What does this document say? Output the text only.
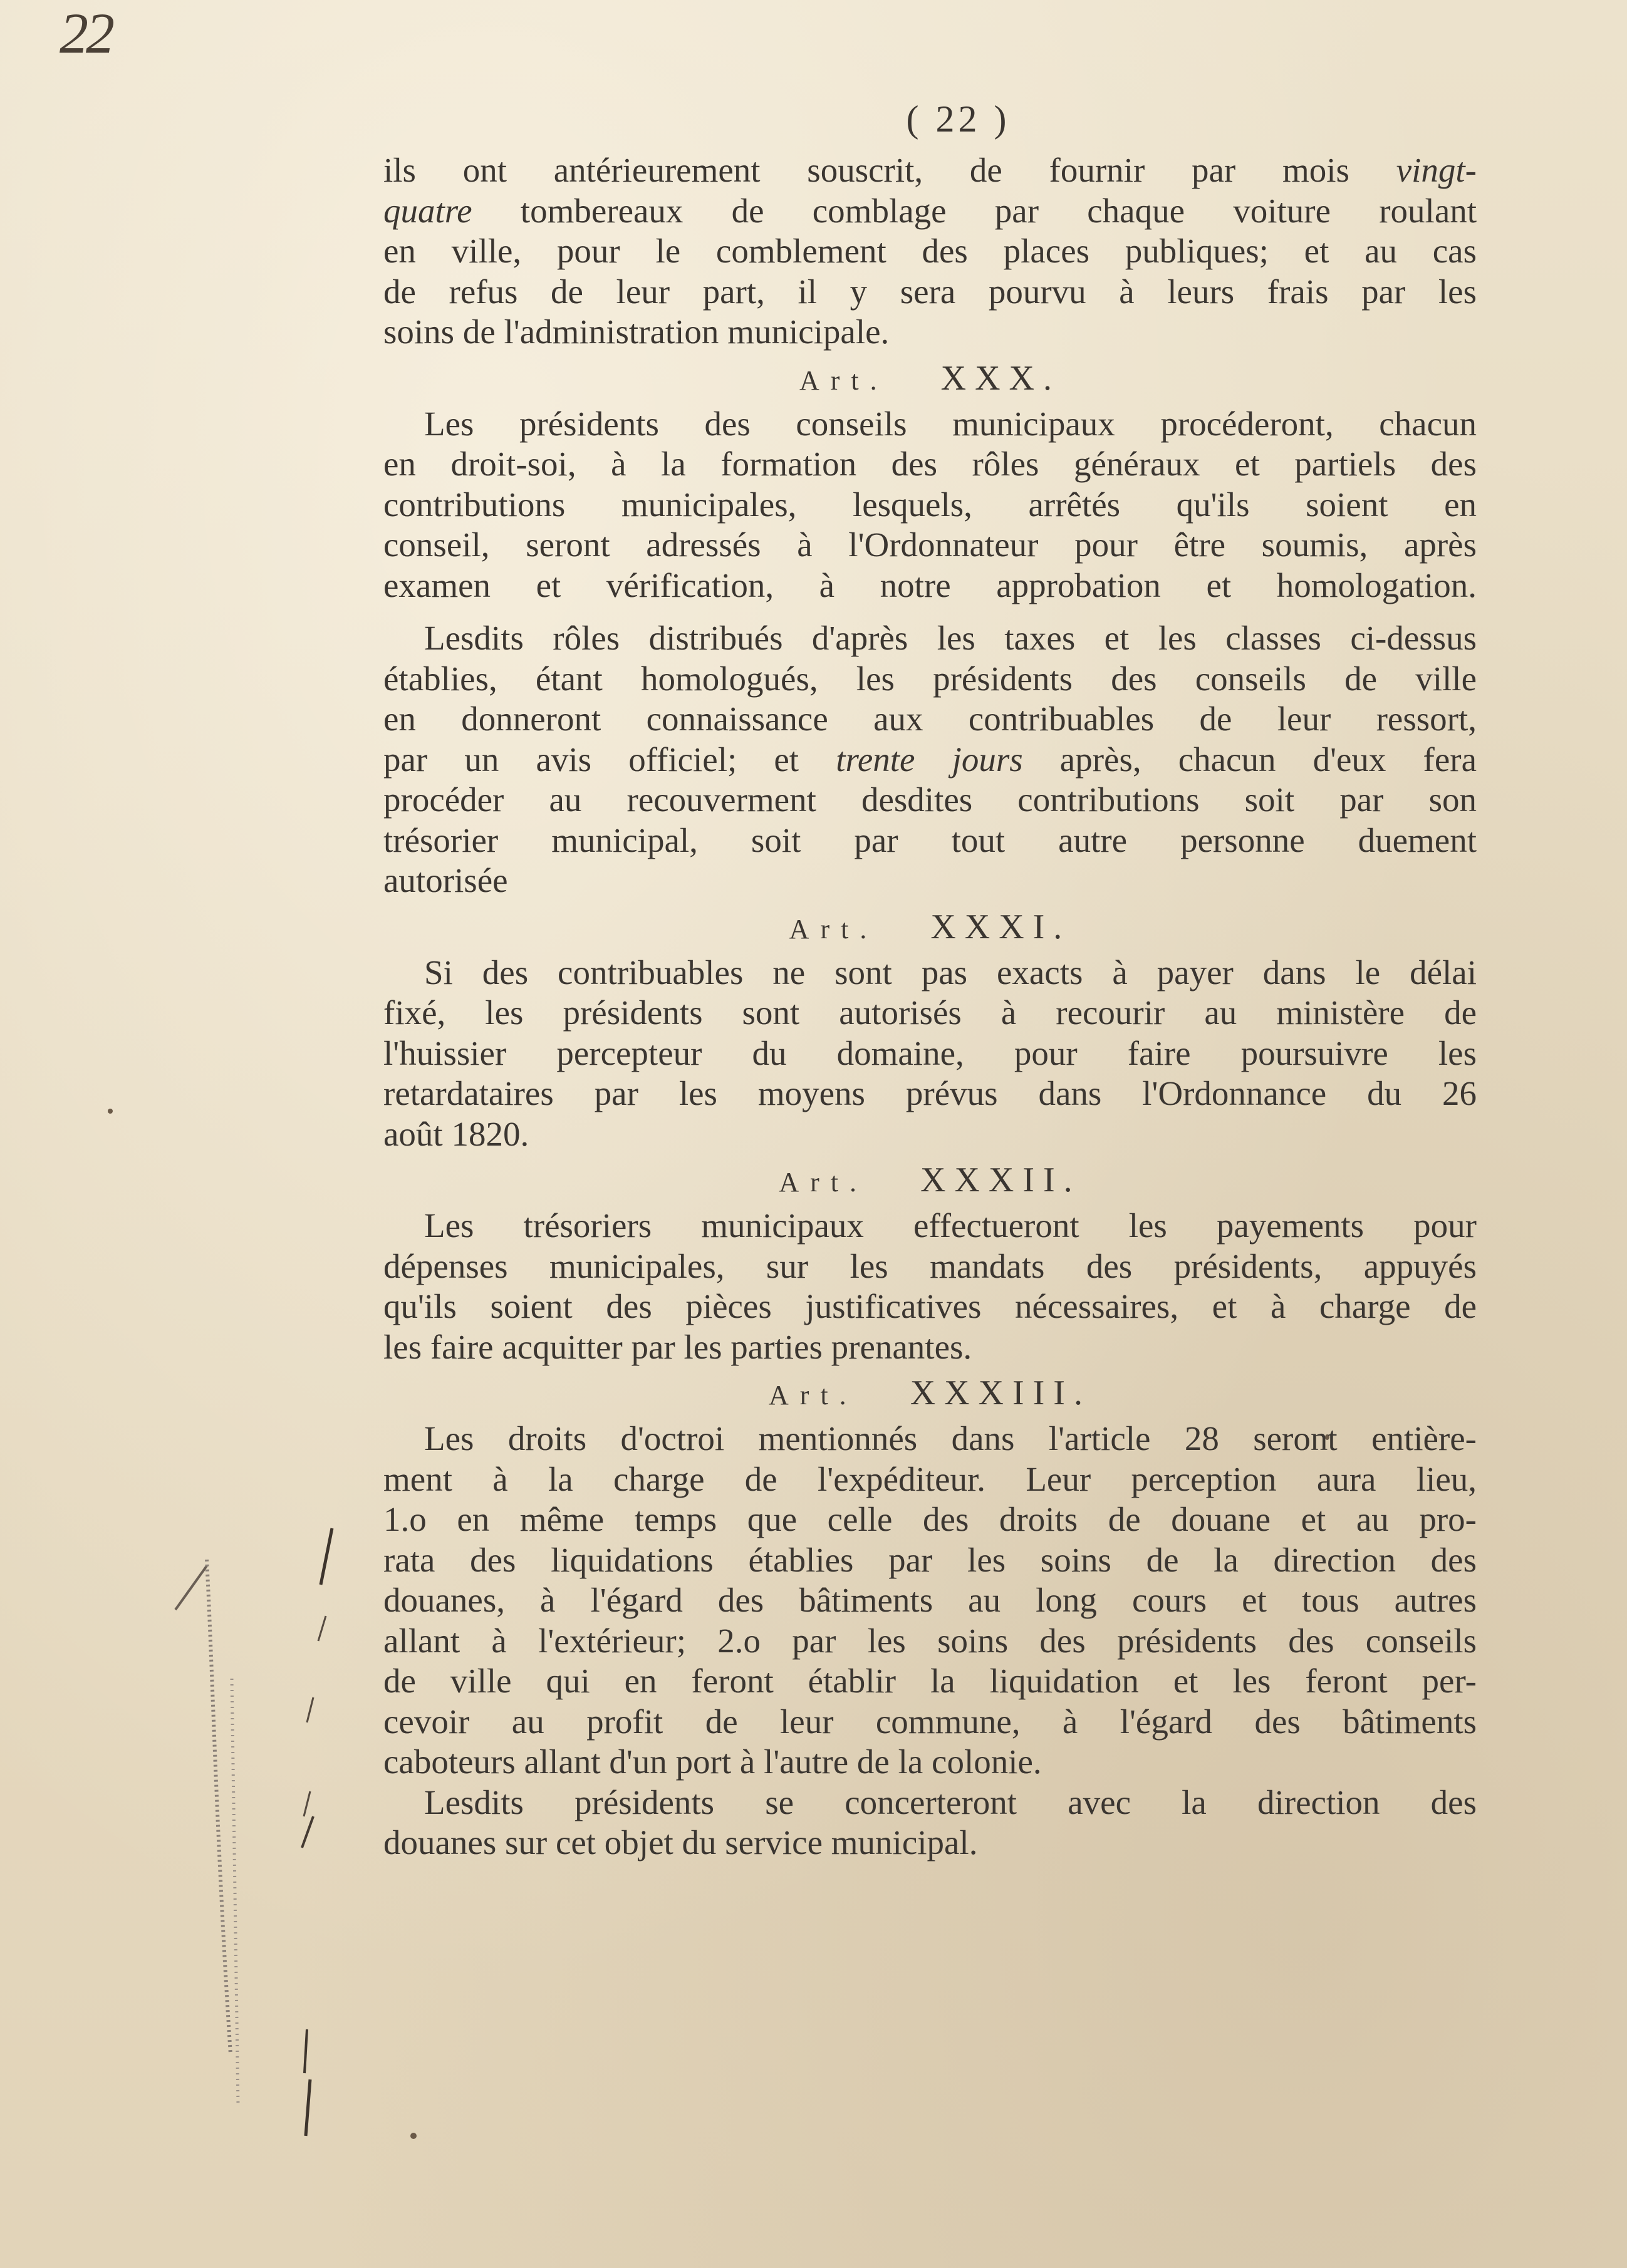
22
( 22 )
ils ont antérieurement souscrit, de fournir par mois vingt-
quatre tombereaux de comblage par chaque voiture roulant
en ville, pour le comblement des places publiques; et au cas
de refus de leur part, il y sera pourvu à leurs frais par les
soins de l'administration municipale.
Art. XXX.
Les présidents des conseils municipaux procéderont, chacun
en droit-soi, à la formation des rôles généraux et partiels des
contributions municipales, lesquels, arrêtés qu'ils soient en
conseil, seront adressés à l'Ordonnateur pour être soumis, après
examen et vérification, à notre approbation et homologation.
Lesdits rôles distribués d'après les taxes et les classes ci-dessus
établies, étant homologués, les présidents des conseils de ville
en donneront connaissance aux contribuables de leur ressort,
par un avis officiel; et trente jours après, chacun d'eux fera
procéder au recouverment desdites contributions soit par son
trésorier municipal, soit par tout autre personne duement
autorisée
Art. XXXI.
Si des contribuables ne sont pas exacts à payer dans le délai
fixé, les présidents sont autorisés à recourir au ministère de
l'huissier percepteur du domaine, pour faire poursuivre les
retardataires par les moyens prévus dans l'Ordonnance du 26
août 1820.
Art. XXXII.
Les trésoriers municipaux effectueront les payements pour
dépenses municipales, sur les mandats des présidents, appuyés
qu'ils soient des pièces justificatives nécessaires, et à charge de
les faire acquitter par les parties prenantes.
Art. XXXIII.
Les droits d'octroi mentionnés dans l'article 28 seront entière-
ment à la charge de l'expéditeur. Leur perception aura lieu,
1.o en même temps que celle des droits de douane et au pro-
rata des liquidations établies par les soins de la direction des
douanes, à l'égard des bâtiments au long cours et tous autres
allant à l'extérieur; 2.o par les soins des présidents des conseils
de ville qui en feront établir la liquidation et les feront per-
cevoir au profit de leur commune, à l'égard des bâtiments
caboteurs allant d'un port à l'autre de la colonie.
Lesdits présidents se concerteront avec la direction des
douanes sur cet objet du service municipal.
